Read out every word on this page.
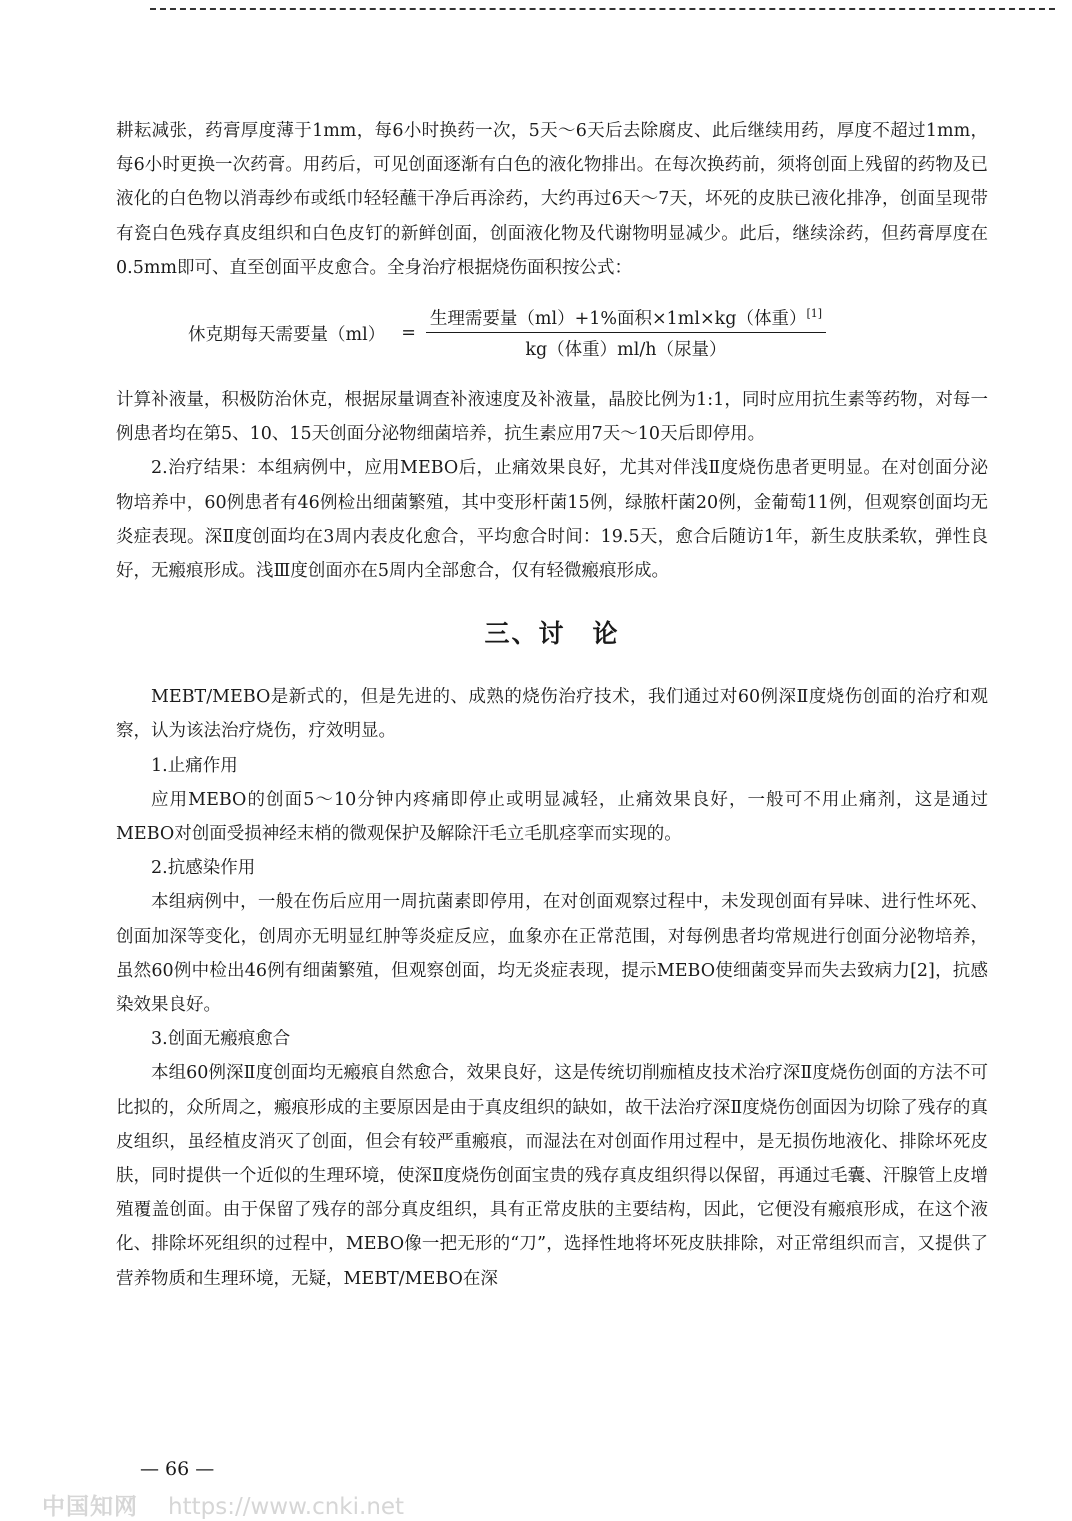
耕耘减张，药膏厚度薄于1mm，每6小时换药一次，5天～6天后去除腐皮、此后继续用药，厚度不超过1mm，每6小时更换一次药膏。用药后，可见创面逐渐有白色的液化物排出。在每次换药前，须将创面上残留的药物及已液化的白色物以消毒纱布或纸巾轻轻蘸干净后再涂药，大约再过6天～7天，坏死的皮肤已液化排净，创面呈现带有瓷白色残存真皮组织和白色皮钉的新鲜创面，创面液化物及代谢物明显减少。此后，继续涂药，但药膏厚度在0.5mm即可、直至创面平皮愈合。全身治疗根据烧伤面积按公式：

休克期每天需要量$(ml) = \frac{生理需要量(ml)+1\%面积\times 1ml\times kg(体重)^{[1]}}{\text{kg（体重）ml/h（尿量）}}$

计算补液量，积极防治休克，根据尿量调查补液速度及补液量，晶胶比例为1:1，同时应用抗生素等药物，对每一例患者均在第5、10、15天创面分泌物细菌培养，抗生素应用7天～10天后即停用。

2.治疗结果：本组病例中，应用MEBO后，止痛效果良好，尤其对伴浅Ⅱ度烧伤患者更明显。在对创面分泌物培养中，60例患者有46例检出细菌繁殖，其中变形杆菌15例，绿脓杆菌20例，金葡萄11例，但观察创面均无炎症表现。深Ⅱ度创面均在3周内表皮化愈合，平均愈合时间：19.5天，愈合后随访1年，新生皮肤柔软，弹性良好，无瘢痕形成。浅Ⅲ度创面亦在5周内全部愈合，仅有轻微瘢痕形成。

三、讨　论

MEBT/MEBO是新式的，但是先进的、成熟的烧伤治疗技术，我们通过对60例深Ⅱ度烧伤创面的治疗和观察，认为该法治疗烧伤，疗效明显。

1.止痛作用

应用MEBO的创面5～10分钟内疼痛即停止或明显减轻，止痛效果良好，一般可不用止痛剂，这是通过MEBO对创面受损神经末梢的微观保护及解除汗毛立毛肌痉挛而实现的。

2.抗感染作用

本组病例中，一般在伤后应用一周抗菌素即停用，在对创面观察过程中，未发现创面有异味、进行性坏死、创面加深等变化，创周亦无明显红肿等炎症反应，血象亦在正常范围，对每例患者均常规进行创面分泌物培养，虽然60例中检出46例有细菌繁殖，但观察创面，均无炎症表现，提示MEBO使细菌变异而失去致病力[2]，抗感染效果良好。

3.创面无瘢痕愈合

本组60例深Ⅱ度创面均无瘢痕自然愈合，效果良好，这是传统切削痂植皮技术治疗深Ⅱ度烧伤创面的方法不可比拟的，众所周之，瘢痕形成的主要原因是由于真皮组织的缺如，故干法治疗深Ⅱ度烧伤创面因为切除了残存的真皮组织，虽经植皮消灭了创面，但会有较严重瘢痕，而湿法在对创面作用过程中，是无损伤地液化、排除坏死皮肤，同时提供一个近似的生理环境，使深Ⅱ度烧伤创面宝贵的残存真皮组织得以保留，再通过毛囊、汗腺管上皮增殖覆盖创面。由于保留了残存的部分真皮组织，具有正常皮肤的主要结构，因此，它便没有瘢痕形成，在这个液化、排除坏死组织的过程中，MEBO像一把无形的“刀”，选择性地将坏死皮肤排除，对正常组织而言，又提供了营养物质和生理环境，无疑，MEBT/MEBO在深

— 66 —
中国知网 https://www.cnki.net
